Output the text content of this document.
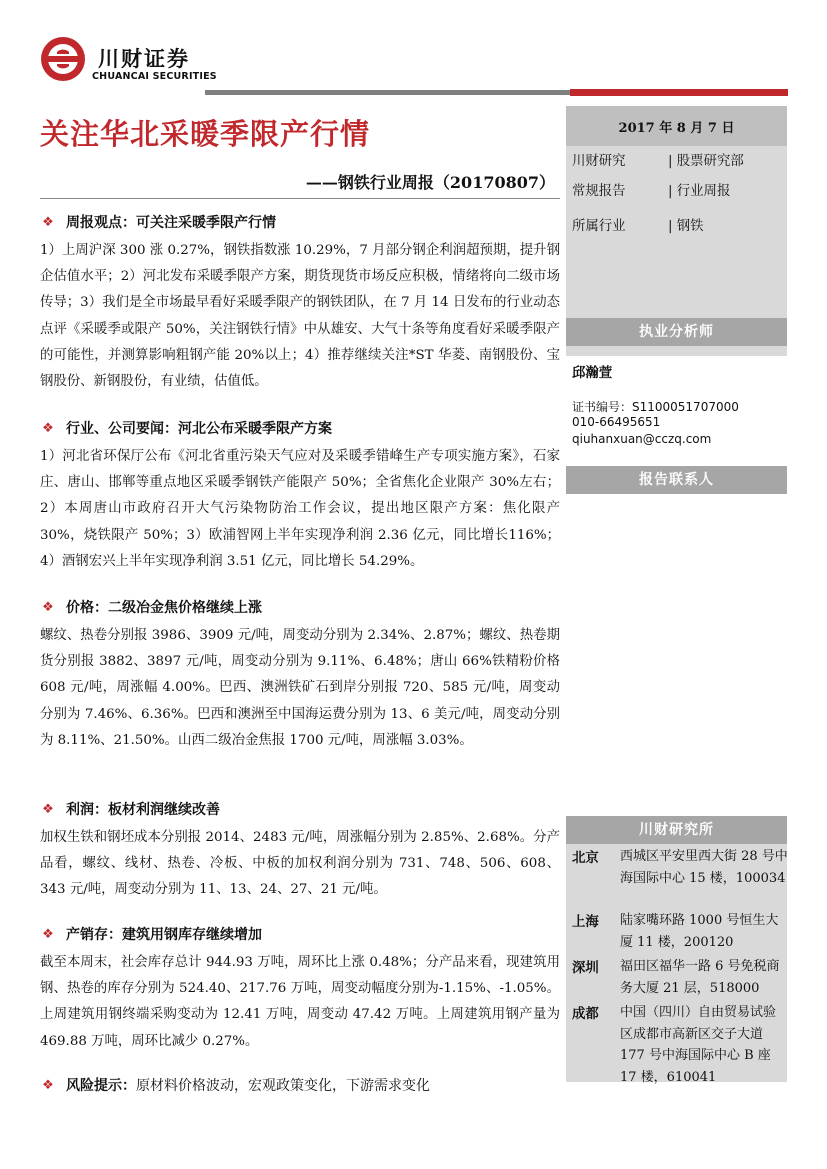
川财证券
CHUANCAI SECURITIES
关注华北采暖季限产行情
——钢铁行业周报（20170807）
❖ 周报观点：可关注采暖季限产行情
1）上周沪深 300 涨 0.27%，钢铁指数涨 10.29%，7 月部分钢企利润超预期，提升钢企估值水平；2）河北发布采暖季限产方案，期货现货市场反应积极，情绪将向二级市场传导；3）我们是全市场最早看好采暖季限产的钢铁团队，在 7 月 14 日发布的行业动态点评《采暖季或限产 50%，关注钢铁行情》中从雄安、大气十条等角度看好采暖季限产的可能性，并测算影响粗钢产能 20%以上；4）推荐继续关注*ST 华菱、南钢股份、宝钢股份、新钢股份，有业绩，估值低。
❖ 行业、公司要闻：河北公布采暖季限产方案
1）河北省环保厅公布《河北省重污染天气应对及采暖季错峰生产专项实施方案》，石家庄、唐山、邯郸等重点地区采暖季钢铁产能限产 50%；全省焦化企业限产 30%左右；2）本周唐山市政府召开大气污染物防治工作会议，提出地区限产方案：焦化限产 30%，烧铁限产 50%；3）欧浦智网上半年实现净利润 2.36 亿元，同比增长116%；4）酒钢宏兴上半年实现净利润 3.51 亿元，同比增长 54.29%。
❖ 价格：二级冶金焦价格继续上涨
螺纹、热卷分别报 3986、3909 元/吨，周变动分别为 2.34%、2.87%；螺纹、热卷期货分别报 3882、3897 元/吨，周变动分别为 9.11%、6.48%；唐山 66%铁精粉价格 608 元/吨，周涨幅 4.00%。巴西、澳洲铁矿石到岸分别报 720、585 元/吨，周变动分别为 7.46%、6.36%。巴西和澳洲至中国海运费分别为 13、6 美元/吨，周变动分别为 8.11%、21.50%。山西二级冶金焦报 1700 元/吨，周涨幅 3.03%。
❖ 利润：板材利润继续改善
加权生铁和钢坯成本分别报 2014、2483 元/吨，周涨幅分别为 2.85%、2.68%。分产品看，螺纹、线材、热卷、冷板、中板的加权利润分别为 731、748、506、608、343 元/吨，周变动分别为 11、13、24、27、21 元/吨。
❖ 产销存：建筑用钢库存继续增加
截至本周末，社会库存总计 944.93 万吨，周环比上涨 0.48%；分产品来看，现建筑用钢、热卷的库存分别为 524.40、217.76 万吨，周变动幅度分别为-1.15%、-1.05%。上周建筑用钢终端采购变动为 12.41 万吨，周变动 47.42 万吨。上周建筑用钢产量为 469.88 万吨，周环比减少 0.27%。
❖ 风险提示：原材料价格波动，宏观政策变化，下游需求变化
2017 年 8 月 7 日
川财研究	| 股票研究部
常规报告	| 行业周报
所属行业	| 钢铁
执业分析师
邱瀚萱
证书编号：S1100051707000
010-66495651
qiuhanxuan@cczq.com
报告联系人
川财研究所
北京 西城区平安里西大街 28 号中海国际中心 15 楼，100034
上海 陆家嘴环路 1000 号恒生大厦 11 楼，200120
深圳 福田区福华一路 6 号免税商务大厦 21 层，518000
成都 中国（四川）自由贸易试验区成都市高新区交子大道 177 号中海国际中心 B 座 17 楼，610041
